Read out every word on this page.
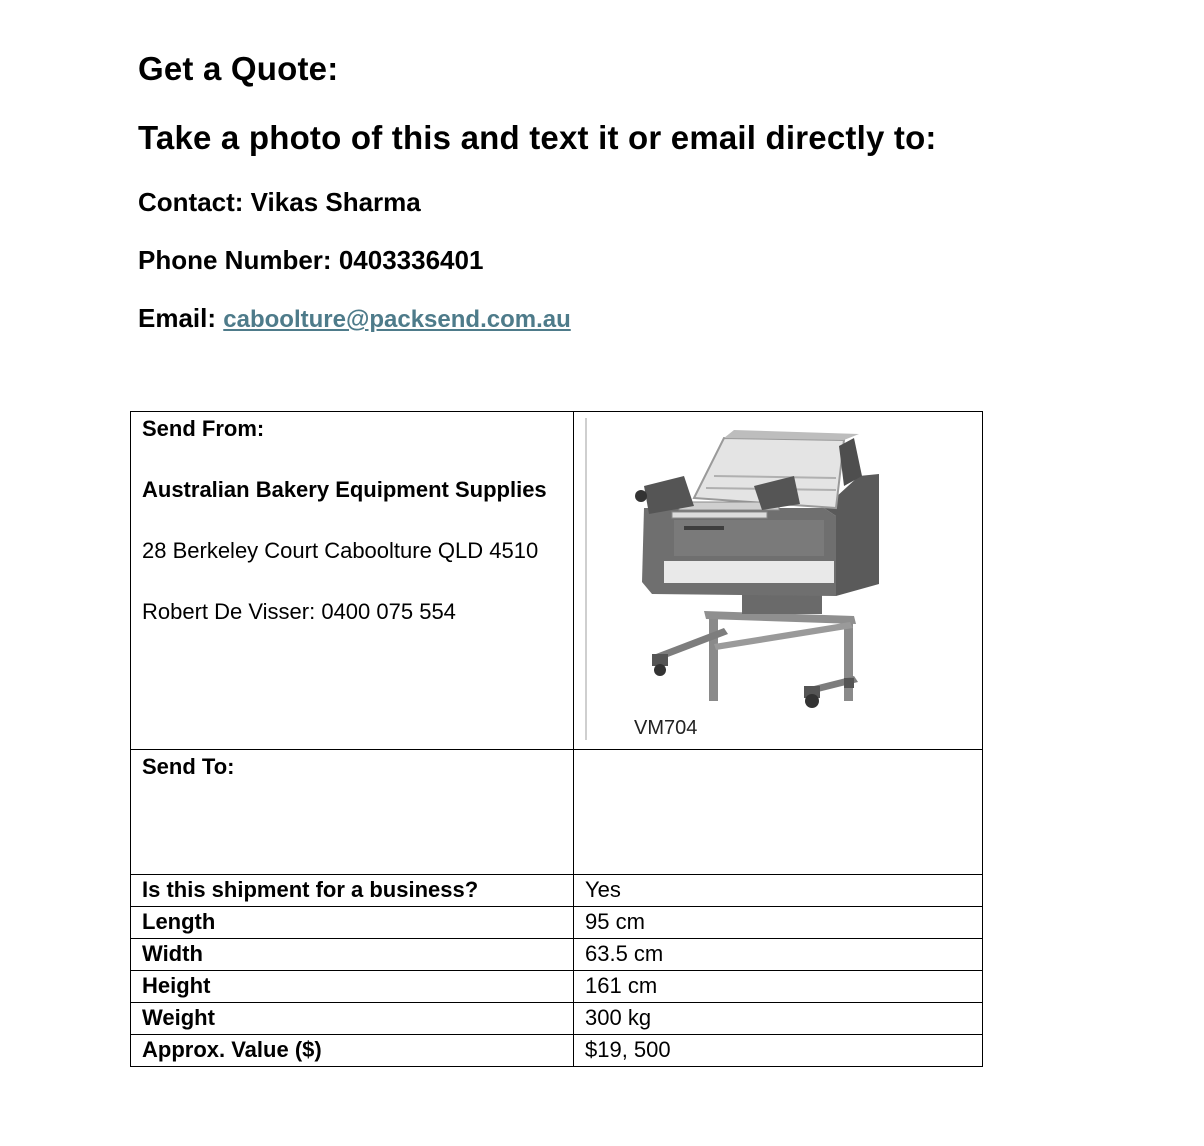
Get a Quote:
Take a photo of this and text it or email directly to:

Contact: Vikas Sharma

Phone Number: 0403336401

Email: caboolture@packsend.com.au

Send From:

Australian Bakery Equipment Supplies

28 Berkeley Court Caboolture QLD 4510

Robert De Visser: 0400 075 554	VM704

Send To:	
Is this shipment for a business?	Yes
Length	95 cm
Width	63.5 cm
Height	161 cm
Weight	300 kg
Approx. Value ($)	$19, 500
